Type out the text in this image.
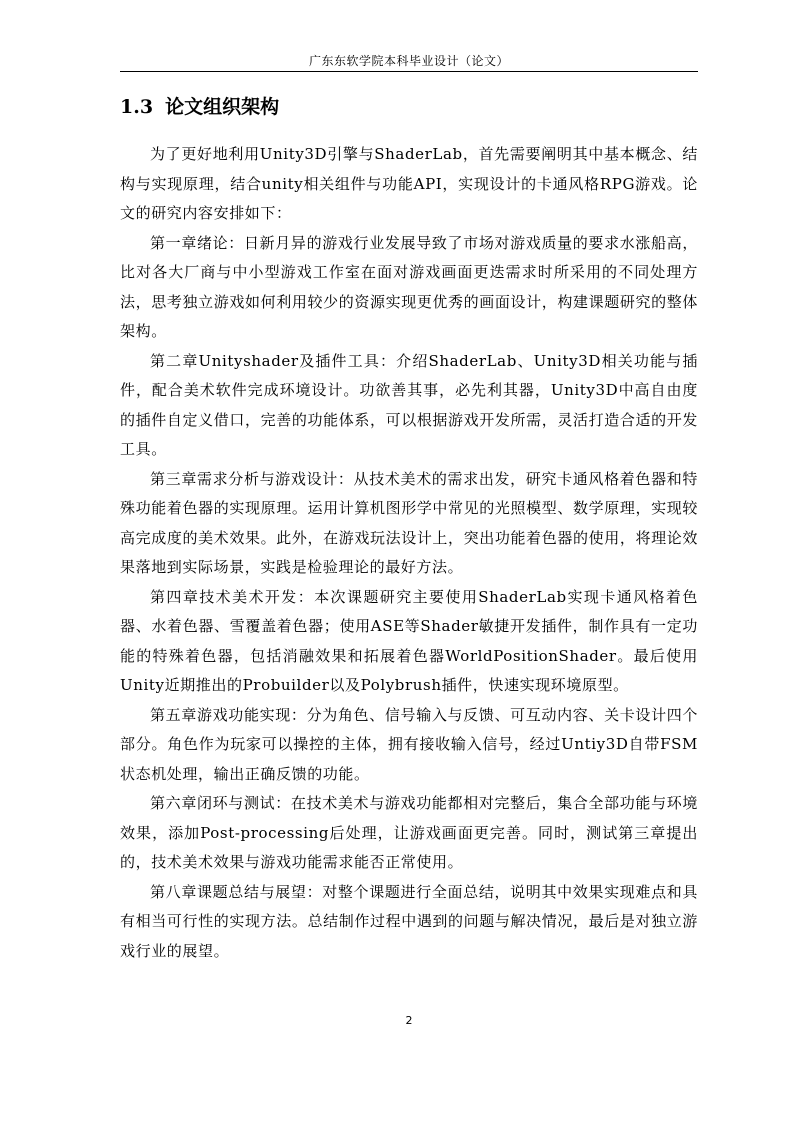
广东东软学院本科毕业设计（论文）
1.3 论文组织架构

为了更好地利用Unity3D引擎与ShaderLab，首先需要阐明其中基本概念、结构与实现原理，结合unity相关组件与功能API，实现设计的卡通风格RPG游戏。论文的研究内容安排如下：

第一章绪论：日新月异的游戏行业发展导致了市场对游戏质量的要求水涨船高，比对各大厂商与中小型游戏工作室在面对游戏画面更迭需求时所采用的不同处理方法，思考独立游戏如何利用较少的资源实现更优秀的画面设计，构建课题研究的整体架构。

第二章Unityshader及插件工具：介绍ShaderLab、Unity3D相关功能与插件，配合美术软件完成环境设计。功欲善其事，必先利其器，Unity3D中高自由度的插件自定义借口，完善的功能体系，可以根据游戏开发所需，灵活打造合适的开发工具。

第三章需求分析与游戏设计：从技术美术的需求出发，研究卡通风格着色器和特殊功能着色器的实现原理。运用计算机图形学中常见的光照模型、数学原理，实现较高完成度的美术效果。此外，在游戏玩法设计上，突出功能着色器的使用，将理论效果落地到实际场景，实践是检验理论的最好方法。

第四章技术美术开发：本次课题研究主要使用ShaderLab实现卡通风格着色器、水着色器、雪覆盖着色器；使用ASE等Shader敏捷开发插件，制作具有一定功能的特殊着色器，包括消融效果和拓展着色器WorldPositionShader。最后使用Unity近期推出的Probuilder以及Polybrush插件，快速实现环境原型。

第五章游戏功能实现：分为角色、信号输入与反馈、可互动内容、关卡设计四个部分。角色作为玩家可以操控的主体，拥有接收输入信号，经过Untiy3D自带FSM状态机处理，输出正确反馈的功能。

第六章闭环与测试：在技术美术与游戏功能都相对完整后，集合全部功能与环境效果，添加Post-processing后处理，让游戏画面更完善。同时，测试第三章提出的，技术美术效果与游戏功能需求能否正常使用。

第八章课题总结与展望：对整个课题进行全面总结，说明其中效果实现难点和具有相当可行性的实现方法。总结制作过程中遇到的问题与解决情况，最后是对独立游戏行业的展望。

2
